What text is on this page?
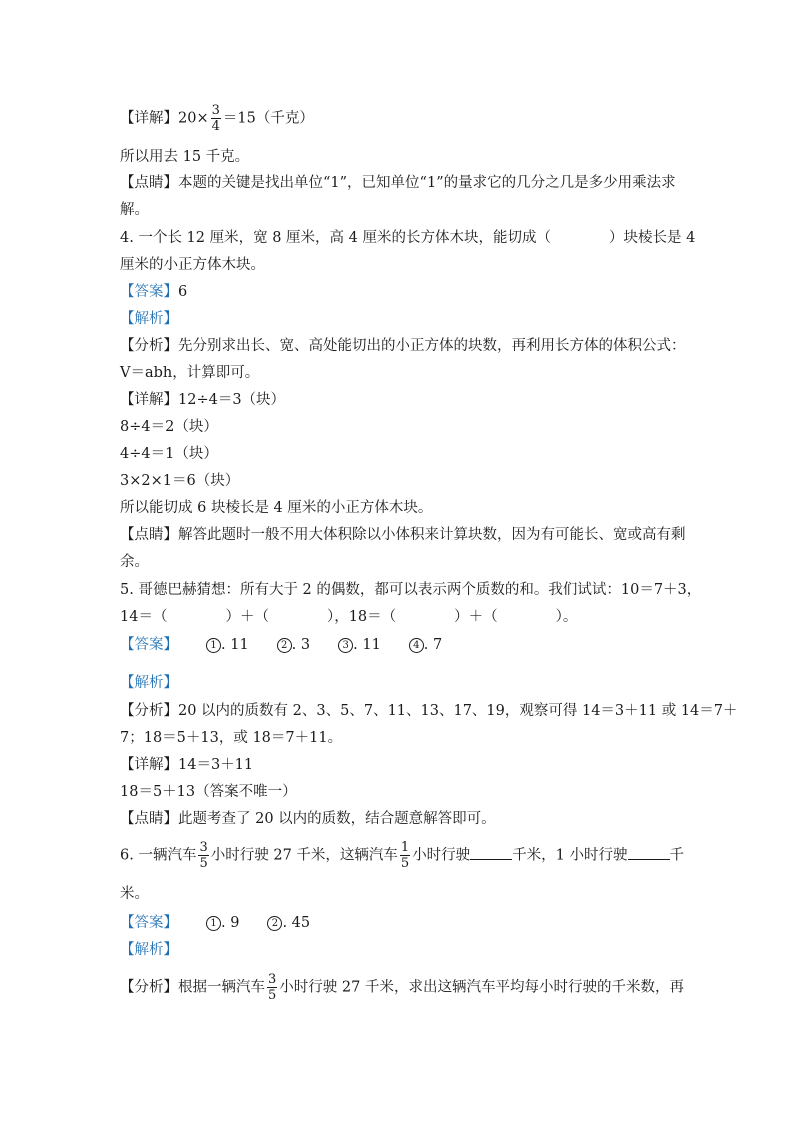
【详解】$20\times \frac{3}{4} =15$（千克）
所以用去 15 千克。
【点睛】本题的关键是找出单位“1”，已知单位“1”的量求它的几分之几是多少用乘法求
解。
4. 一个长 12 厘米，宽 8 厘米，高 4 厘米的长方体木块，能切成（　　　　）块棱长是 4
厘米的小正方体木块。
【答案】6
【解析】
【分析】先分别求出长、宽、高处能切出的小正方体的块数，再利用长方体的体积公式：
V＝abh，计算即可。
【详解】12÷4＝3（块）
8÷4＝2（块）
4÷4＝1（块）
3×2×1＝6（块）
所以能切成 6 块棱长是 4 厘米的小正方体木块。
【点睛】解答此题时一般不用大体积除以小体积来计算块数，因为有可能长、宽或高有剩
余。
5. 哥德巴赫猜想：所有大于 2 的偶数，都可以表示两个质数的和。我们试试：10＝7＋3，
14＝（　　　　）＋（　　　　），18＝（　　　　）＋（　　　　）。
【答案】	1 . 11	2 . 3	3 . 11	4 . 7
【解析】
【分析】20 以内的质数有 2、3、5、7、11、13、17、19，观察可得 14＝3＋11 或 14＝7＋
7；18＝5＋13，或 18＝7＋11。
【详解】14＝3＋11
18＝5＋13（答案不唯一）
【点睛】此题考查了 20 以内的质数，结合题意解答即可。
6. 一辆汽车 $\frac{3}{5}$ 小时行驶 27 千米，这辆汽车 $\frac{1}{5}$ 小时行驶	千米，1 小时行驶	千
米。
【答案】	1 . 9	2 . 45
【解析】
【分析】根据一辆汽车 $\frac{3}{5}$ 小时行驶 27 千米，求出这辆汽车平均每小时行驶的千米数，再
